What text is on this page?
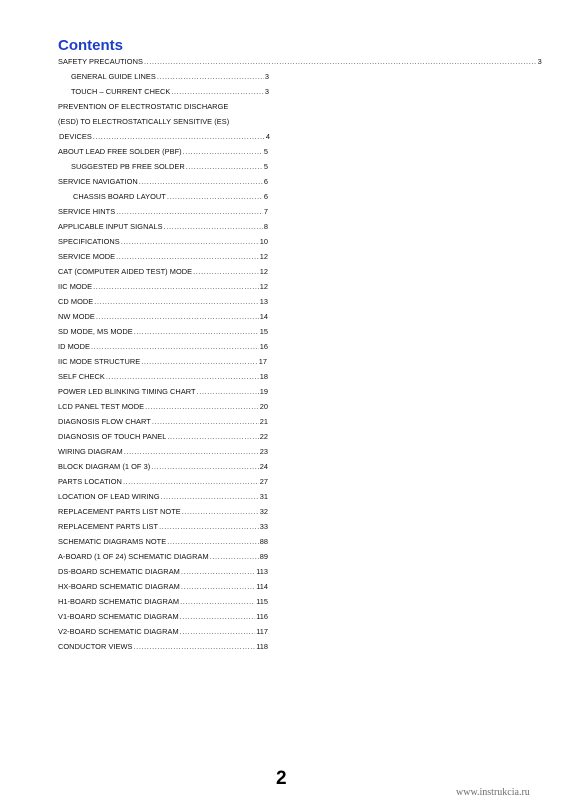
Contents
SAFETY PRECAUTIONS .....	3
GENERAL GUIDE LINES .....	3
TOUCH – CURRENT CHECK .....	3
PREVENTION OF ELECTROSTATIC DISCHARGE
(ESD) TO ELECTROSTATICALLY SENSITIVE (ES)
DEVICES .....	4
ABOUT LEAD FREE SOLDER (PBF) .....	5
SUGGESTED PB FREE SOLDER .....	5
SERVICE NAVIGATION .....	6
CHASSIS BOARD LAYOUT .....	6
SERVICE HINTS .....	7
APPLICABLE INPUT SIGNALS .....	8
SPECIFICATIONS .....	10
SERVICE MODE .....	12
CAT (COMPUTER AIDED TEST) MODE .....	12
IIC MODE .....	12
CD MODE .....	13
NW MODE .....	14
SD MODE, MS MODE .....	15
ID MODE .....	16
IIC MODE STRUCTURE .....	17
SELF CHECK .....	18
POWER LED BLINKING TIMING CHART .....	19
LCD PANEL TEST MODE .....	20
DIAGNOSIS FLOW CHART .....	21
DIAGNOSIS OF TOUCH PANEL .....	22
WIRING DIAGRAM .....	23
BLOCK DIAGRAM (1 OF 3) .....	24
PARTS LOCATION .....	27
LOCATION OF LEAD WIRING .....	31
REPLACEMENT PARTS LIST NOTE .....	32
REPLACEMENT PARTS LIST .....	33
SCHEMATIC DIAGRAMS NOTE .....	88
A-BOARD (1 OF 24) SCHEMATIC DIAGRAM .....	89
DS-BOARD SCHEMATIC DIAGRAM .....	113
HX-BOARD SCHEMATIC DIAGRAM .....	114
H1-BOARD SCHEMATIC DIAGRAM .....	115
V1-BOARD SCHEMATIC DIAGRAM .....	116
V2-BOARD SCHEMATIC DIAGRAM .....	117
CONDUCTOR VIEWS .....	118
2
www.instrukcia.ru
